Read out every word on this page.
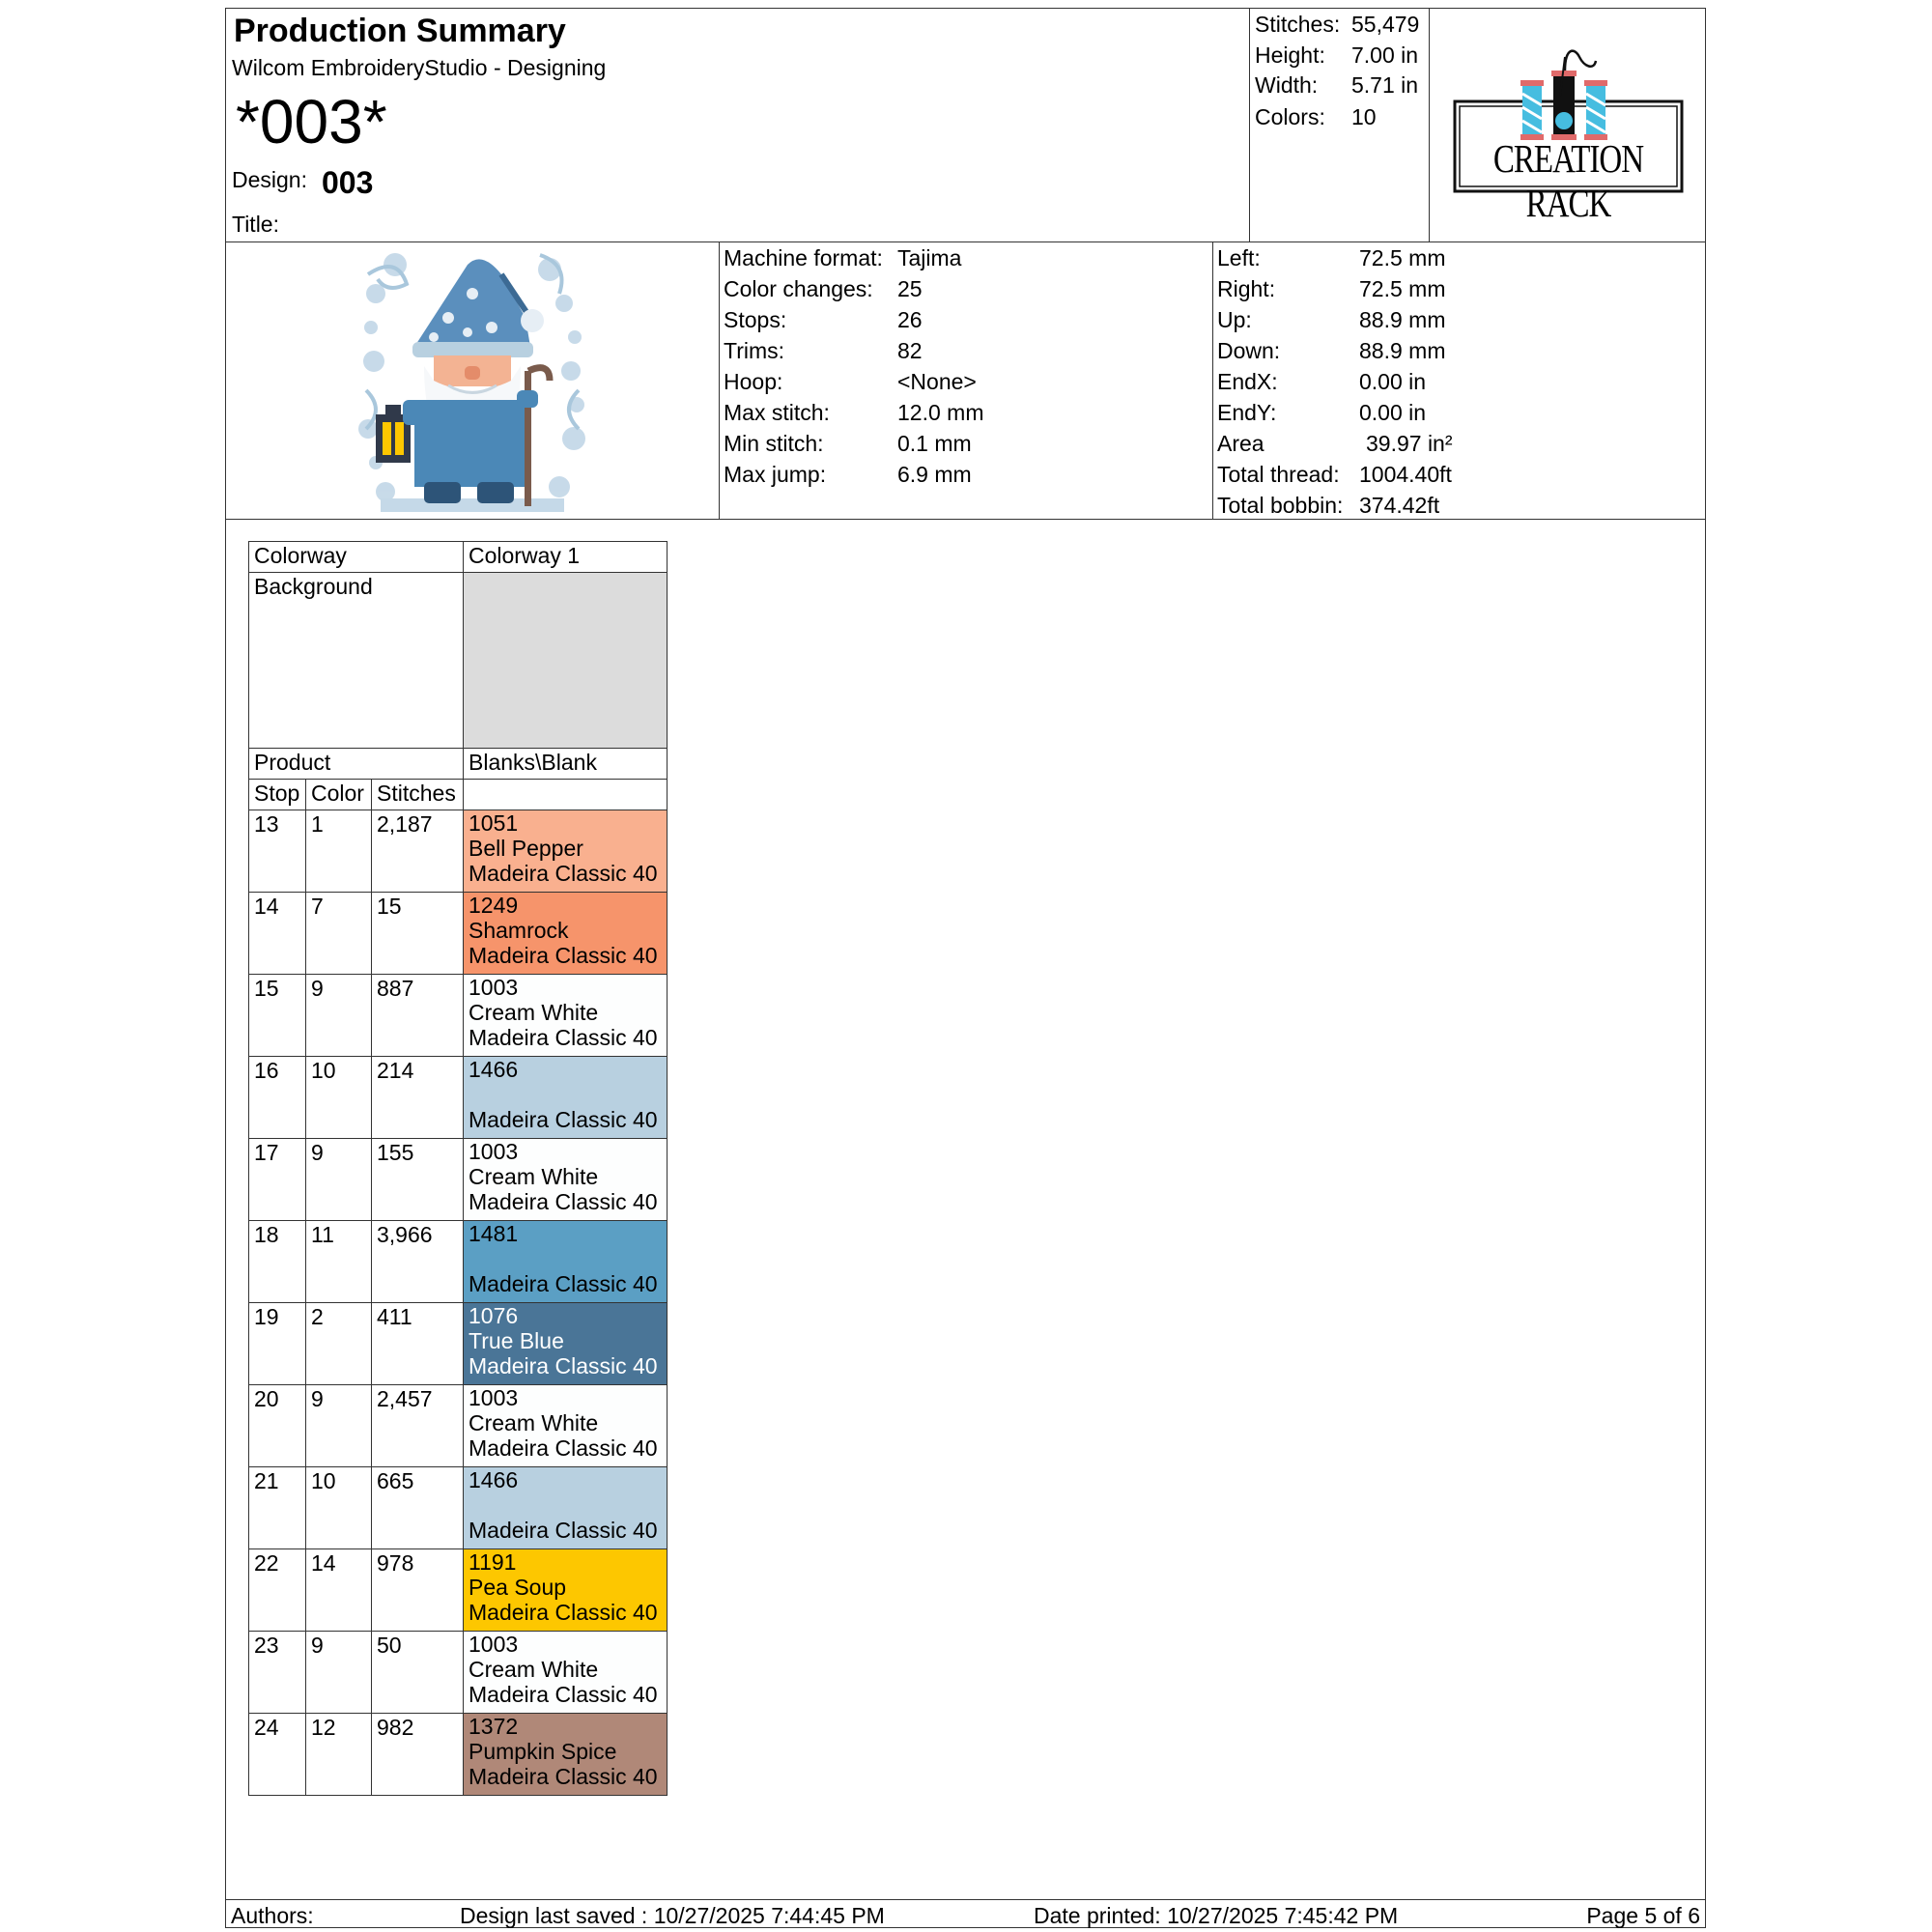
Production Summary
Wilcom EmbroideryStudio - Designing
*003*
Design: 003
Title:
Stitches: 55,479
Height: 7.00 in
Width: 5.71 in
Colors: 10
CREATION RACK
Machine format: Tajima
Color changes: 25
Stops:	26
Trims:	82
Hoop:	<None>
Max stitch:	12.0 mm
Min stitch:	0.1 mm
Max jump:	6.9 mm
Left:	72.5 mm
Right:	72.5 mm
Up:	88.9 mm
Down:	88.9 mm
EndX:	0.00 in
EndY:	0.00 in
Area	39.97 in²
Total thread: 1004.40ft
Total bobbin: 374.42ft
Colorway			Colorway 1
Background			
Product			Blanks\Blank
Stop	Color	Stitches	
13	1	2,187	1051
Bell Pepper
Madeira Classic 40

14	7	15	1249
Shamrock
Madeira Classic 40

15	9	887	1003
Cream White
Madeira Classic 40

16	10	214	1466
Madeira Classic 40

17	9	155	1003
Cream White
Madeira Classic 40

18	11	3,966	1481
Madeira Classic 40

19	2	411	1076
True Blue
Madeira Classic 40

20	9	2,457	1003
Cream White
Madeira Classic 40

21	10	665	1466
Madeira Classic 40

22	14	978	1191
Pea Soup
Madeira Classic 40

23	9	50	1003
Cream White
Madeira Classic 40

24	12	982	1372
Pumpkin Spice
Madeira Classic 40
Authors:	Design last saved : 10/27/2025 7:44:45 PM	Date printed: 10/27/2025 7:45:42 PM	Page 5 of 6
